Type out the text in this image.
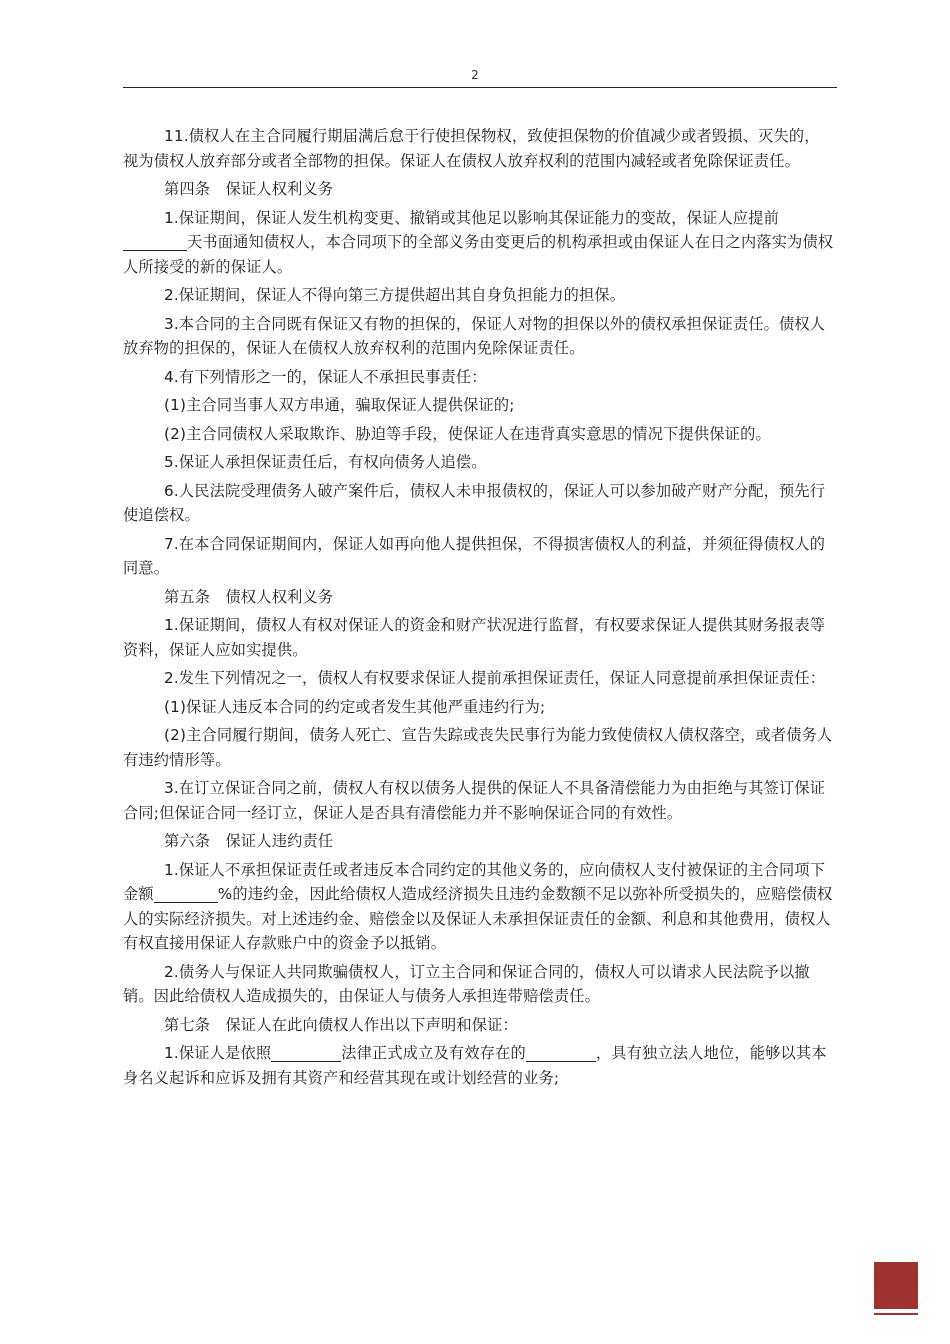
2

11.债权人在主合同履行期届满后怠于行使担保物权，致使担保物的价值减少或者毁损、灭失的，视为债权人放弃部分或者全部物的担保。保证人在债权人放弃权利的范围内减轻或者免除保证责任。

第四条　保证人权利义务

1.保证期间，保证人发生机构变更、撤销或其他足以影响其保证能力的变故，保证人应提前天书面通知债权人，本合同项下的全部义务由变更后的机构承担或由保证人在日之内落实为债权人所接受的新的保证人。

2.保证期间，保证人不得向第三方提供超出其自身负担能力的担保。

3.本合同的主合同既有保证又有物的担保的，保证人对物的担保以外的债权承担保证责任。债权人放弃物的担保的，保证人在债权人放弃权利的范围内免除保证责任。

4.有下列情形之一的，保证人不承担民事责任：

(1)主合同当事人双方串通，骗取保证人提供保证的;

(2)主合同债权人采取欺诈、胁迫等手段，使保证人在违背真实意思的情况下提供保证的。

5.保证人承担保证责任后，有权向债务人追偿。

6.人民法院受理债务人破产案件后，债权人未申报债权的，保证人可以参加破产财产分配，预先行使追偿权。

7.在本合同保证期间内，保证人如再向他人提供担保，不得损害债权人的利益，并须征得债权人的同意。

第五条　债权人权利义务

1.保证期间，债权人有权对保证人的资金和财产状况进行监督，有权要求保证人提供其财务报表等资料，保证人应如实提供。

2.发生下列情况之一，债权人有权要求保证人提前承担保证责任，保证人同意提前承担保证责任：

(1)保证人违反本合同的约定或者发生其他严重违约行为;

(2)主合同履行期间，债务人死亡、宣告失踪或丧失民事行为能力致使债权人债权落空，或者债务人有违约情形等。

3.在订立保证合同之前，债权人有权以债务人提供的保证人不具备清偿能力为由拒绝与其签订保证合同;但保证合同一经订立，保证人是否具有清偿能力并不影响保证合同的有效性。

第六条　保证人违约责任

1.保证人不承担保证责任或者违反本合同约定的其他义务的，应向债权人支付被保证的主合同项下金额	%的违约金，因此给债权人造成经济损失且违约金数额不足以弥补所受损失的，应赔偿债权人的实际经济损失。对上述违约金、赔偿金以及保证人未承担保证责任的金额、利息和其他费用，债权人有权直接用保证人存款账户中的资金予以抵销。

2.债务人与保证人共同欺骗债权人，订立主合同和保证合同的，债权人可以请求人民法院予以撤销。因此给债权人造成损失的，由保证人与债务人承担连带赔偿责任。

第七条　保证人在此向债权人作出以下声明和保证：

1.保证人是依照	法律正式成立及有效存在的	，具有独立法人地位，能够以其本身名义起诉和应诉及拥有其资产和经营其现在或计划经营的业务;
